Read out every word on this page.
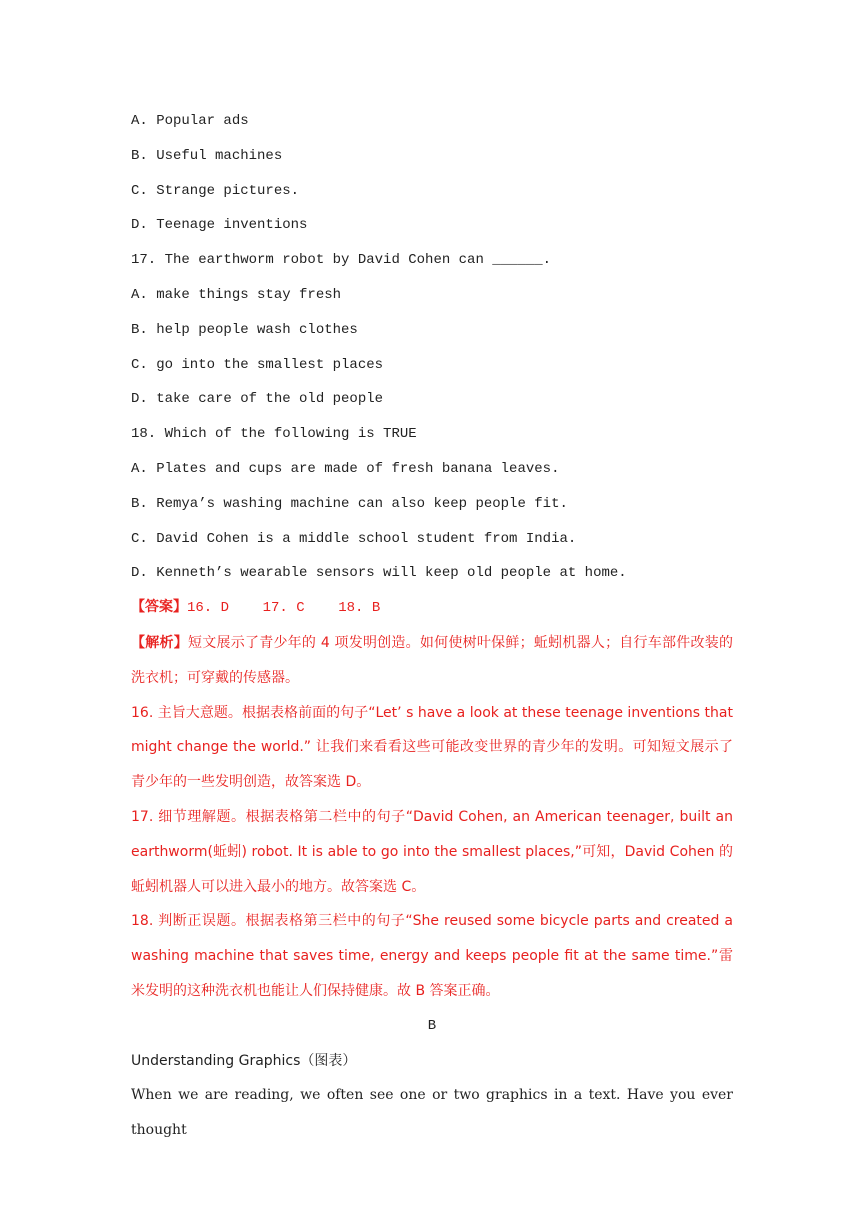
A. Popular ads
B. Useful machines
C. Strange pictures.
D. Teenage inventions
17. The earthworm robot by David Cohen can ______.
A. make things stay fresh
B. help people wash clothes
C. go into the smallest places
D. take care of the old people
18. Which of the following is TRUE
A. Plates and cups are made of fresh banana leaves.
B. Remya’s washing machine can also keep people fit.
C. David Cohen is a middle school student from India.
D. Kenneth’s wearable sensors will keep old people at home.
【答案】16. D    17. C    18. B
【解析】短文展示了青少年的 4 项发明创造。如何使树叶保鲜；蚯蚓机器人；自行车部件改装的洗衣机；可穿戴的传感器。
16. 主旨大意题。根据表格前面的句子“Let’ s have a look at these teenage inventions that might change the world.” 让我们来看看这些可能改变世界的青少年的发明。可知短文展示了青少年的一些发明创造，故答案选 D。
17. 细节理解题。根据表格第二栏中的句子“David Cohen, an American teenager, built an earthworm(蚯蚓) robot. It is able to go into the smallest places,”可知，David Cohen 的蚯蚓机器人可以进入最小的地方。故答案选 C。
18. 判断正误题。根据表格第三栏中的句子“She reused some bicycle parts and created a washing machine that saves time, energy and keeps people fit at the same time.”雷米发明的这种洗衣机也能让人们保持健康。故 B 答案正确。
B
Understanding Graphics（图表）
When we are reading, we often see one or two graphics in a text. Have you ever thought
